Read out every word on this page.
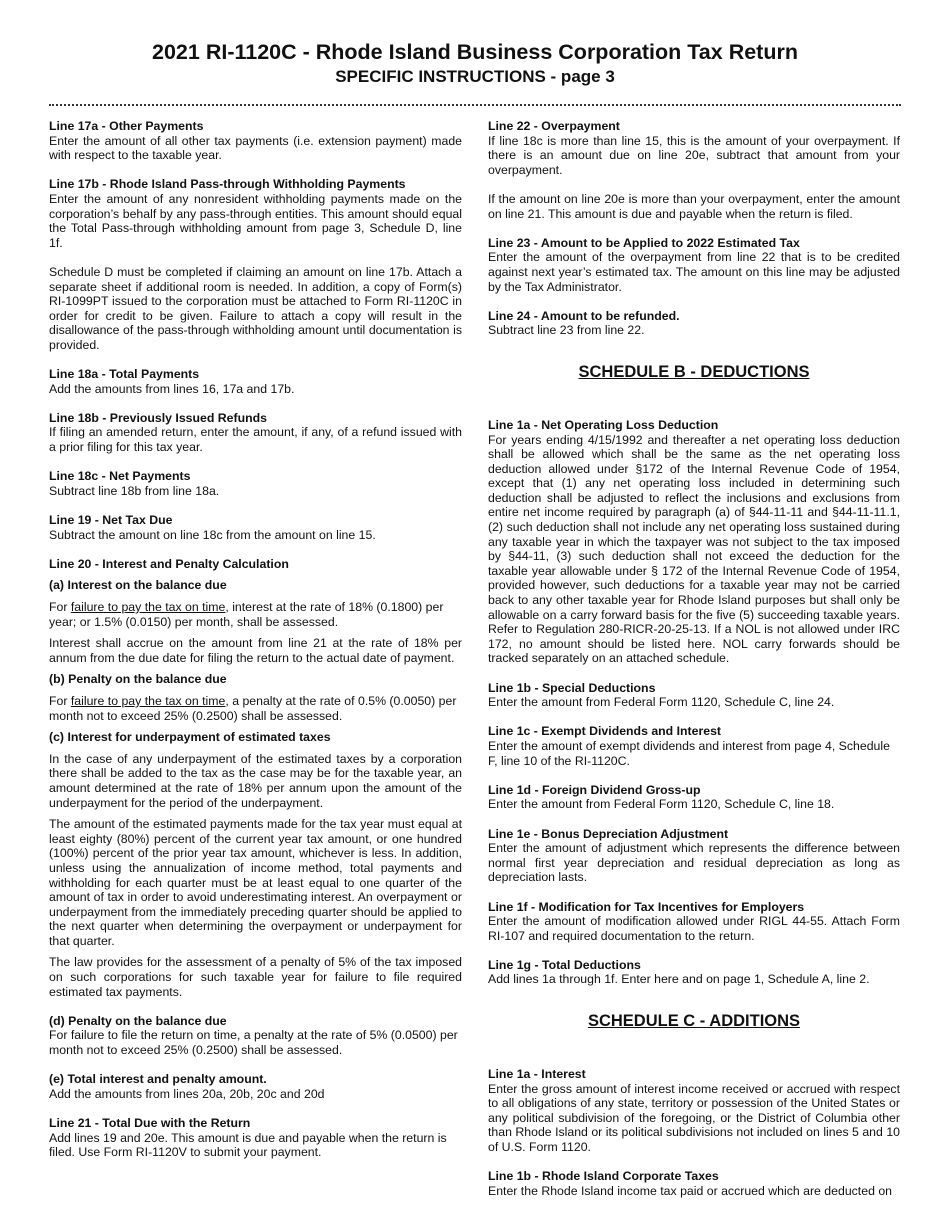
2021 RI-1120C - Rhode Island Business Corporation Tax Return
SPECIFIC INSTRUCTIONS - page 3
Line 17a - Other Payments
Enter the amount of all other tax payments (i.e. extension payment) made with respect to the taxable year.
Line 17b - Rhode Island Pass-through Withholding Payments
Enter the amount of any nonresident withholding payments made on the corporation’s behalf by any pass-through entities. This amount should equal the Total Pass-through withholding amount from page 3, Schedule D, line 1f.
Schedule D must be completed if claiming an amount on line 17b. Attach a separate sheet if additional room is needed. In addition, a copy of Form(s) RI-1099PT issued to the corporation must be attached to Form RI-1120C in order for credit to be given. Failure to attach a copy will result in the disallowance of the pass-through withholding amount until documentation is provided.
Line 18a - Total Payments
Add the amounts from lines 16, 17a and 17b.
Line 18b - Previously Issued Refunds
If filing an amended return, enter the amount, if any, of a refund issued with a prior filing for this tax year.
Line 18c - Net Payments
Subtract line 18b from line 18a.
Line 19 - Net Tax Due
Subtract the amount on line 18c from the amount on line 15.
Line 20 - Interest and Penalty Calculation
(a) Interest on the balance due
For failure to pay the tax on time, interest at the rate of 18% (0.1800) per year; or 1.5% (0.0150) per month, shall be assessed.
Interest shall accrue on the amount from line 21 at the rate of 18% per annum from the due date for filing the return to the actual date of payment.
(b) Penalty on the balance due
For failure to pay the tax on time, a penalty at the rate of 0.5% (0.0050) per month not to exceed 25% (0.2500) shall be assessed.
(c) Interest for underpayment of estimated taxes
In the case of any underpayment of the estimated taxes by a corporation there shall be added to the tax as the case may be for the taxable year, an amount determined at the rate of 18% per annum upon the amount of the underpayment for the period of the underpayment.
The amount of the estimated payments made for the tax year must equal at least eighty (80%) percent of the current year tax amount, or one hundred (100%) percent of the prior year tax amount, whichever is less. In addition, unless using the annualization of income method, total payments and withholding for each quarter must be at least equal to one quarter of the amount of tax in order to avoid underestimating interest. An overpayment or underpayment from the immediately preceding quarter should be applied to the next quarter when determining the overpayment or underpayment for that quarter.
The law provides for the assessment of a penalty of 5% of the tax imposed on such corporations for such taxable year for failure to file required estimated tax payments.
(d) Penalty on the balance due
For failure to file the return on time, a penalty at the rate of 5% (0.0500) per month not to exceed 25% (0.2500) shall be assessed.
(e) Total interest and penalty amount.
Add the amounts from lines 20a, 20b, 20c and 20d
Line 21 - Total Due with the Return
Add lines 19 and 20e. This amount is due and payable when the return is filed. Use Form RI-1120V to submit your payment.
Line 22 - Overpayment
If line 18c is more than line 15, this is the amount of your overpayment. If there is an amount due on line 20e, subtract that amount from your overpayment.
If the amount on line 20e is more than your overpayment, enter the amount on line 21. This amount is due and payable when the return is filed.
Line 23 - Amount to be Applied to 2022 Estimated Tax
Enter the amount of the overpayment from line 22 that is to be credited against next year’s estimated tax. The amount on this line may be adjusted by the Tax Administrator.
Line 24 - Amount to be refunded.
Subtract line 23 from line 22.
SCHEDULE B - DEDUCTIONS
Line 1a - Net Operating Loss Deduction
For years ending 4/15/1992 and thereafter a net operating loss deduction shall be allowed which shall be the same as the net operating loss deduction allowed under §172 of the Internal Revenue Code of 1954, except that (1) any net operating loss included in determining such deduction shall be adjusted to reflect the inclusions and exclusions from entire net income required by paragraph (a) of §44-11-11 and §44-11-11.1, (2) such deduction shall not include any net operating loss sustained during any taxable year in which the taxpayer was not subject to the tax imposed by §44-11, (3) such deduction shall not exceed the deduction for the taxable year allowable under § 172 of the Internal Revenue Code of 1954, provided however, such deductions for a taxable year may not be carried back to any other taxable year for Rhode Island purposes but shall only be allowable on a carry forward basis for the five (5) succeeding taxable years. Refer to Regulation 280-RICR-20-25-13. If a NOL is not allowed under IRC 172, no amount should be listed here. NOL carry forwards should be tracked separately on an attached schedule.
Line 1b - Special Deductions
Enter the amount from Federal Form 1120, Schedule C, line 24.
Line 1c - Exempt Dividends and Interest
Enter the amount of exempt dividends and interest from page 4, Schedule F, line 10 of the RI-1120C.
Line 1d - Foreign Dividend Gross-up
Enter the amount from Federal Form 1120, Schedule C, line 18.
Line 1e - Bonus Depreciation Adjustment
Enter the amount of adjustment which represents the difference between normal first year depreciation and residual depreciation as long as depreciation lasts.
Line 1f - Modification for Tax Incentives for Employers
Enter the amount of modification allowed under RIGL 44-55. Attach Form RI-107 and required documentation to the return.
Line 1g - Total Deductions
Add lines 1a through 1f. Enter here and on page 1, Schedule A, line 2.
SCHEDULE C - ADDITIONS
Line 1a - Interest
Enter the gross amount of interest income received or accrued with respect to all obligations of any state, territory or possession of the United States or any political subdivision of the foregoing, or the District of Columbia other than Rhode Island or its political subdivisions not included on lines 5 and 10 of U.S. Form 1120.
Line 1b - Rhode Island Corporate Taxes
Enter the Rhode Island income tax paid or accrued which are deducted on
